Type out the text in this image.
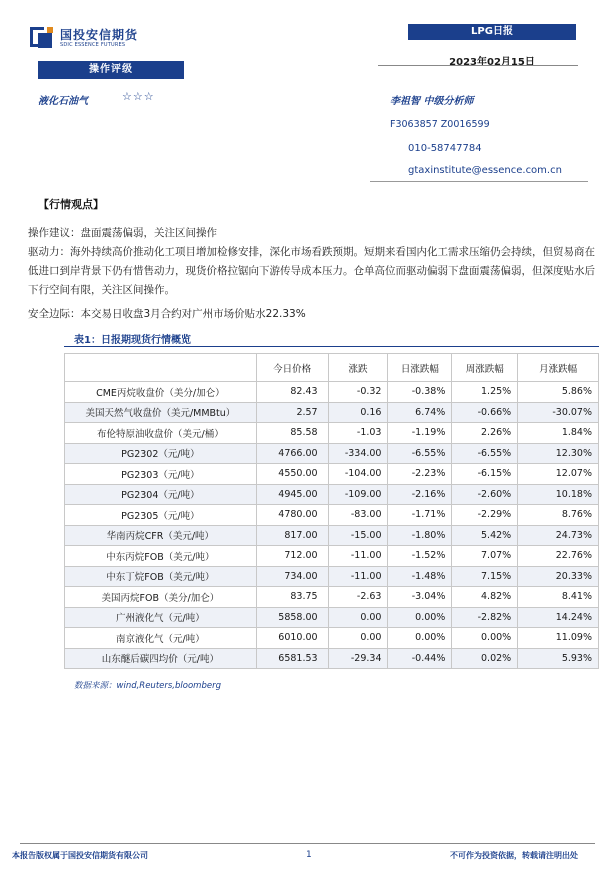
国投安信期货
SDIC ESSENCE FUTURES
LPG日报
2023年02月15日
操作评级
液化石油气	☆☆☆	李祖智 中级分析师
F3063857 Z0016599
010-58747784
gtaxinstitute@essence.com.cn
【行情观点】
操作建议：盘面震荡偏弱，关注区间操作
驱动力：海外持续高价推动化工项目增加检修安排，深化市场看跌预期。短期来看国内化工需求压缩仍会持续，但贸易商在低进口到岸背景下仍有惜售动力，现货价格拉锯向下游传导成本压力。仓单高位而驱动偏弱下盘面震荡偏弱，但深度贴水后下行空间有限，关注区间操作。
安全边际：本交易日收盘3月合约对广州市场价贴水22.33%
表1：日报期现货行情概览
	今日价格	涨跌	日涨跌幅	周涨跌幅	月涨跌幅
CME丙烷收盘价（美分/加仑）	82.43	-0.32	-0.38%	1.25%	5.86%
美国天然气收盘价（美元/MMBtu）	2.57	0.16	6.74%	-0.66%	-30.07%
布伦特原油收盘价（美元/桶）	85.58	-1.03	-1.19%	2.26%	1.84%
PG2302（元/吨）	4766.00	-334.00	-6.55%	-6.55%	12.30%
PG2303（元/吨）	4550.00	-104.00	-2.23%	-6.15%	12.07%
PG2304（元/吨）	4945.00	-109.00	-2.16%	-2.60%	10.18%
PG2305（元/吨）	4780.00	-83.00	-1.71%	-2.29%	8.76%
华南丙烷CFR（美元/吨）	817.00	-15.00	-1.80%	5.42%	24.73%
中东丙烷FOB（美元/吨）	712.00	-11.00	-1.52%	7.07%	22.76%
中东丁烷FOB（美元/吨）	734.00	-11.00	-1.48%	7.15%	20.33%
美国丙烷FOB（美分/加仑）	83.75	-2.63	-3.04%	4.82%	8.41%
广州液化气（元/吨）	5858.00	0.00	0.00%	-2.82%	14.24%
南京液化气（元/吨）	6010.00	0.00	0.00%	0.00%	11.09%
山东醚后碳四均价（元/吨）	6581.53	-29.34	-0.44%	0.02%	5.93%
数据来源：wind,Reuters,bloomberg
本报告版权属于国投安信期货有限公司	1	不可作为投资依据，转载请注明出处
